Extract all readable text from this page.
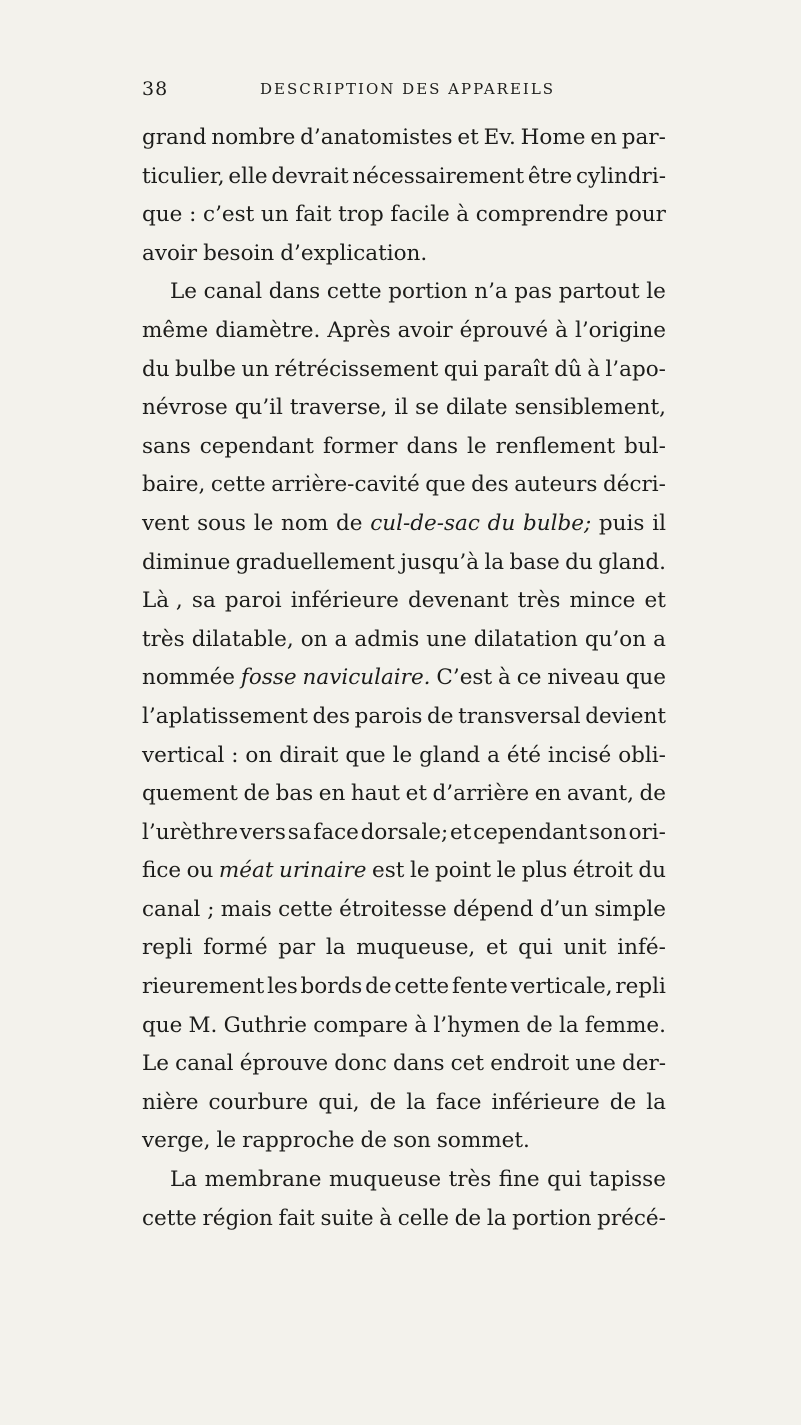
38	DESCRIPTION DES APPAREILS
grand nombre d’anatomistes et Ev. Home en par-
ticulier, elle devrait nécessairement être cylindri-
que : c’est un fait trop facile à comprendre pour
avoir besoin d’explication.
Le canal dans cette portion n’a pas partout le
même diamètre. Après avoir éprouvé à l’origine
du bulbe un rétrécissement qui paraît dû à l’apo-
névrose qu’il traverse, il se dilate sensiblement,
sans cependant former dans le renflement bul-
baire, cette arrière-cavité que des auteurs décri-
vent sous le nom de cul-de-sac du bulbe; puis il
diminue graduellement jusqu’à la base du gland.
Là , sa paroi inférieure devenant très mince et
très dilatable, on a admis une dilatation qu’on a
nommée fosse naviculaire. C’est à ce niveau que
l’aplatissement des parois de transversal devient
vertical : on dirait que le gland a été incisé obli-
quement de bas en haut et d’arrière en avant, de
l’urèthre vers sa face dorsale; et cependant son ori-
fice ou méat urinaire est le point le plus étroit du
canal ; mais cette étroitesse dépend d’un simple
repli formé par la muqueuse, et qui unit infé-
rieurement les bords de cette fente verticale, repli
que M. Guthrie compare à l’hymen de la femme.
Le canal éprouve donc dans cet endroit une der-
nière courbure qui, de la face inférieure de la
verge, le rapproche de son sommet.
La membrane muqueuse très fine qui tapisse
cette région fait suite à celle de la portion précé-
